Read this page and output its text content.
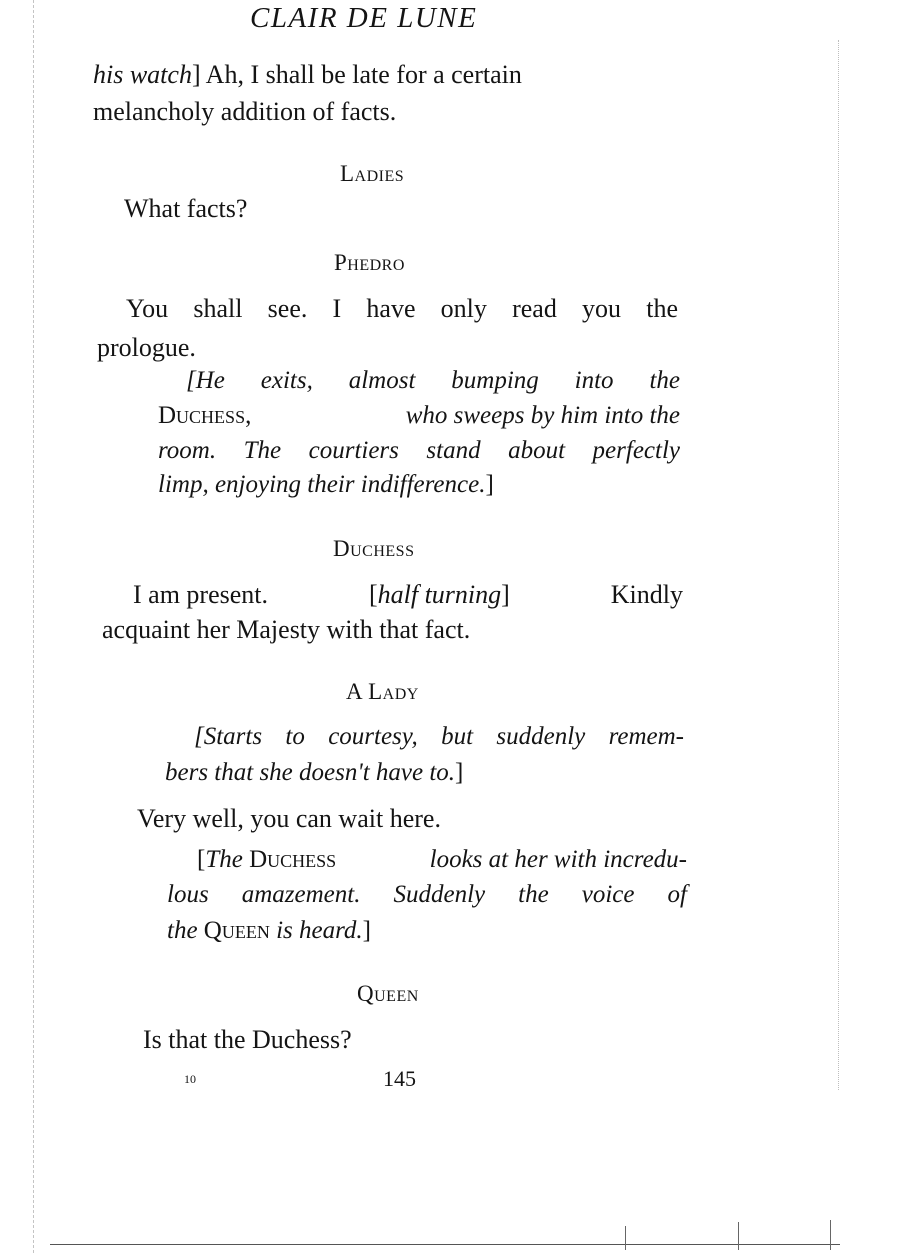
CLAIR DE LUNE
his watch] Ah, I shall be late for a certain
melancholy addition of facts.
Ladies
What facts?
Phedro
You shall see. I have only read you the
prologue.
[He exits, almost bumping into the
Duchess,	who sweeps by him into the
room. The courtiers stand about perfectly
limp, enjoying their indifference.]
Duchess
I am present.	[half turning]	Kindly
acquaint her Majesty with that fact.
A Lady
[Starts to courtesy, but suddenly remem-
bers that she doesn't have to.]
Very well, you can wait here.
[The Duchess	looks at her with incredu-
lous amazement. Suddenly the voice of
the Queen is heard.]
Queen
Is that the Duchess?
10	145
